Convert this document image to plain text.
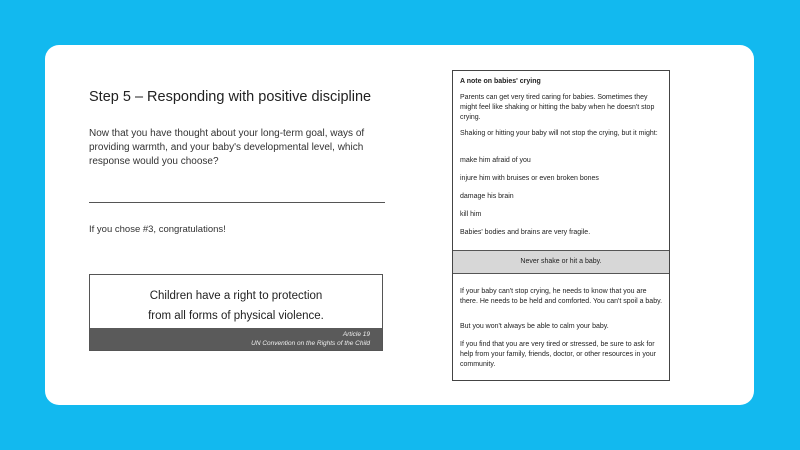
Step 5 – Responding with positive discipline
Now that you have thought about your long-term goal, ways of providing warmth, and your baby's developmental level, which response would you choose?
If you chose #3, congratulations!
Children have a right to protection
from all forms of physical violence.
Article 19
UN Convention on the Rights of the Child
A note on babies' crying
Parents can get very tired caring for babies. Sometimes they might feel like shaking or hitting the baby when he doesn't stop crying.
Shaking or hitting your baby will not stop the crying, but it might:
make him afraid of you
injure him with bruises or even broken bones
damage his brain
kill him
Babies' bodies and brains are very fragile.
Never shake or hit a baby.
If your baby can't stop crying, he needs to know that you are there. He needs to be held and comforted. You can't spoil a baby.
But you won't always be able to calm your baby.
If you find that you are very tired or stressed, be sure to ask for help from your family, friends, doctor, or other resources in your community.
